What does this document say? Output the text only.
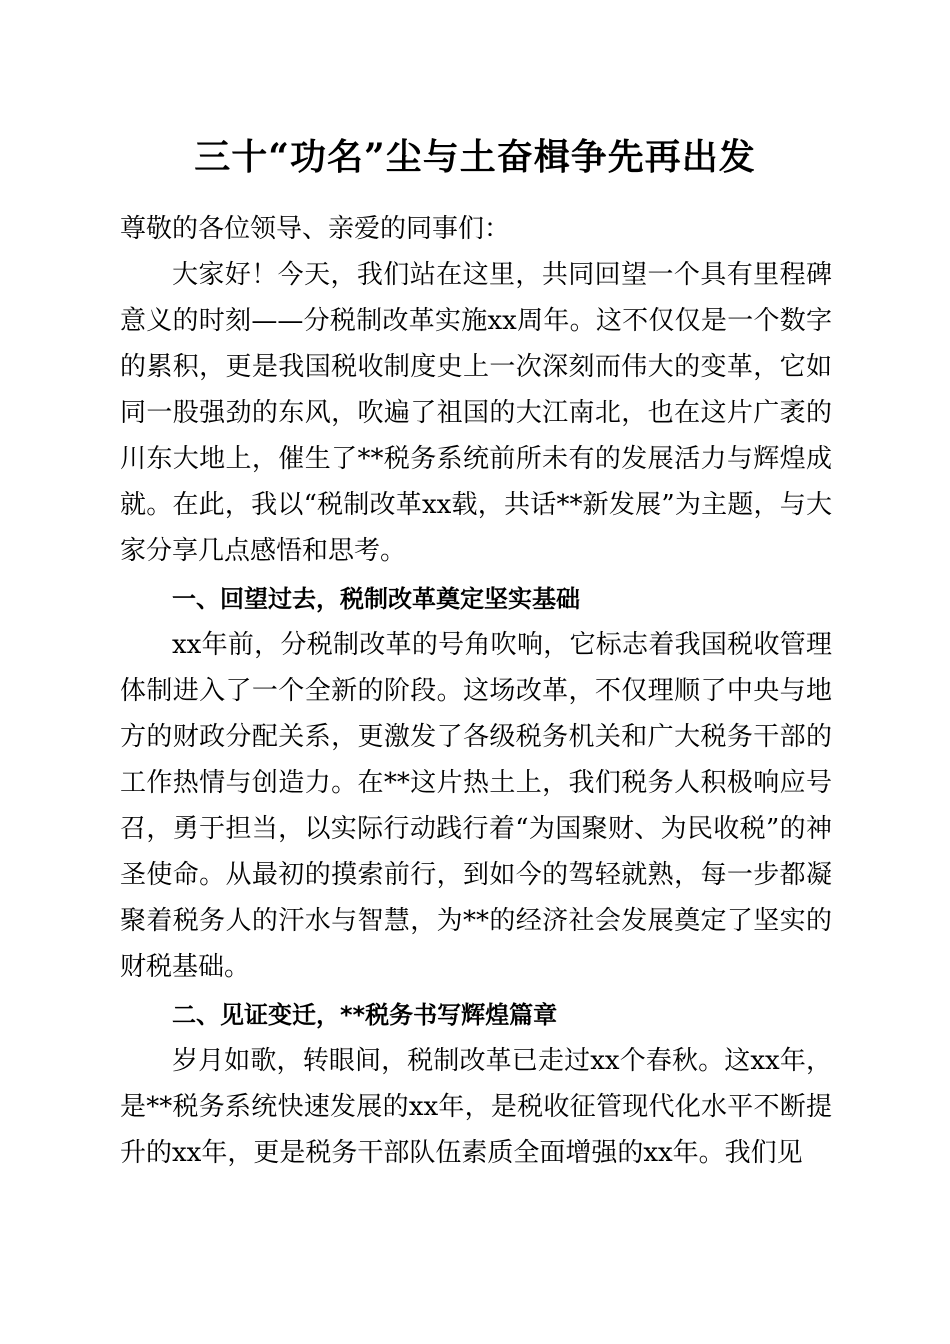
三十“功名”尘与土奋楫争先再出发

尊敬的各位领导、亲爱的同事们：

大家好！今天，我们站在这里，共同回望一个具有里程碑意义的时刻——分税制改革实施xx周年。这不仅仅是一个数字的累积，更是我国税收制度史上一次深刻而伟大的变革，它如同一股强劲的东风，吹遍了祖国的大江南北，也在这片广袤的川东大地上，催生了**税务系统前所未有的发展活力与辉煌成就。在此，我以“税制改革xx载，共话**新发展”为主题，与大家分享几点感悟和思考。

一、回望过去，税制改革奠定坚实基础

xx年前，分税制改革的号角吹响，它标志着我国税收管理体制进入了一个全新的阶段。这场改革，不仅理顺了中央与地方的财政分配关系，更激发了各级税务机关和广大税务干部的工作热情与创造力。在**这片热土上，我们税务人积极响应号召，勇于担当，以实际行动践行着“为国聚财、为民收税”的神圣使命。从最初的摸索前行，到如今的驾轻就熟，每一步都凝聚着税务人的汗水与智慧，为**的经济社会发展奠定了坚实的财税基础。

二、见证变迁，**税务书写辉煌篇章

岁月如歌，转眼间，税制改革已走过xx个春秋。这xx年，是**税务系统快速发展的xx年，是税收征管现代化水平不断提升的xx年，更是税务干部队伍素质全面增强的xx年。我们见
